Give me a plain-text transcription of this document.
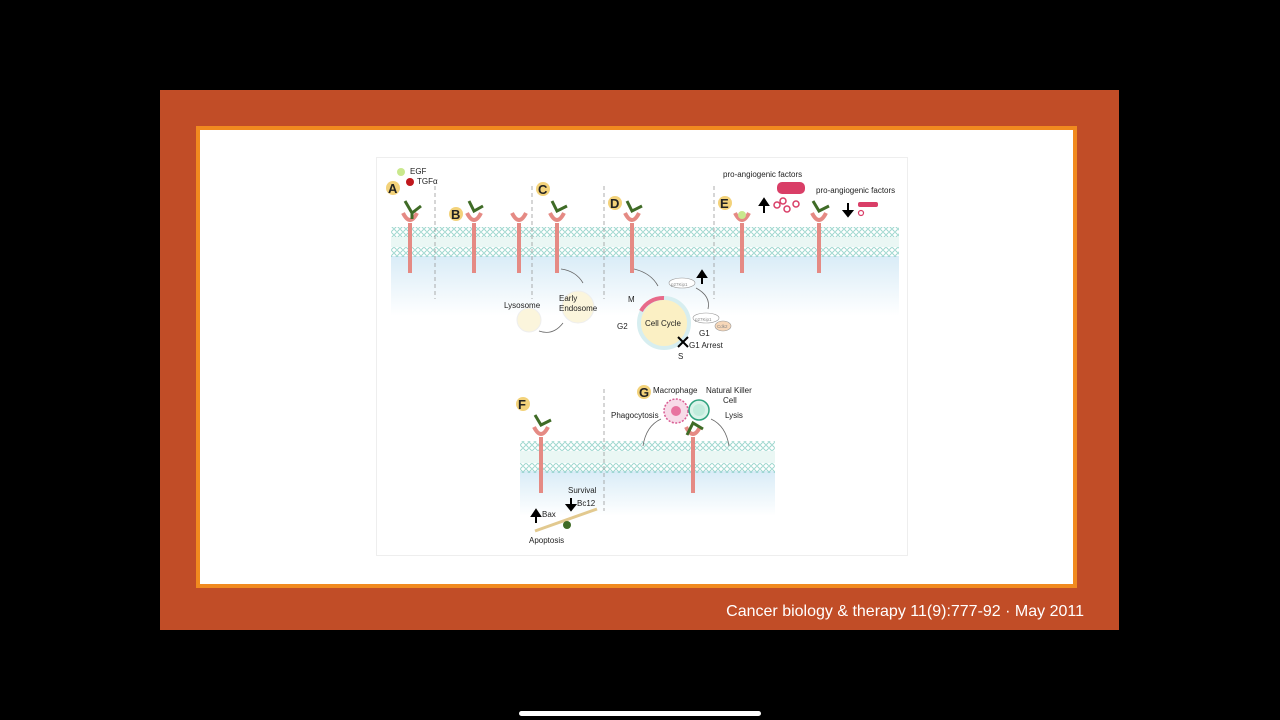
Cancer biology & therapy 11(9):777-92 · May 2011
EGF
TGFα
A
B
C
D	E
F
G
Early
Endosome
Lysosome
Cell Cycle
M
G2
G1
S
G1 Arrest
p27Kip1
p27Kip1
Cdk2
pro-angiogenic factors
pro-angiogenic factors
Survival
Bc12
Bax
Apoptosis
Macrophage Natural Killer
Cell
Phagocytosis	Lysis
